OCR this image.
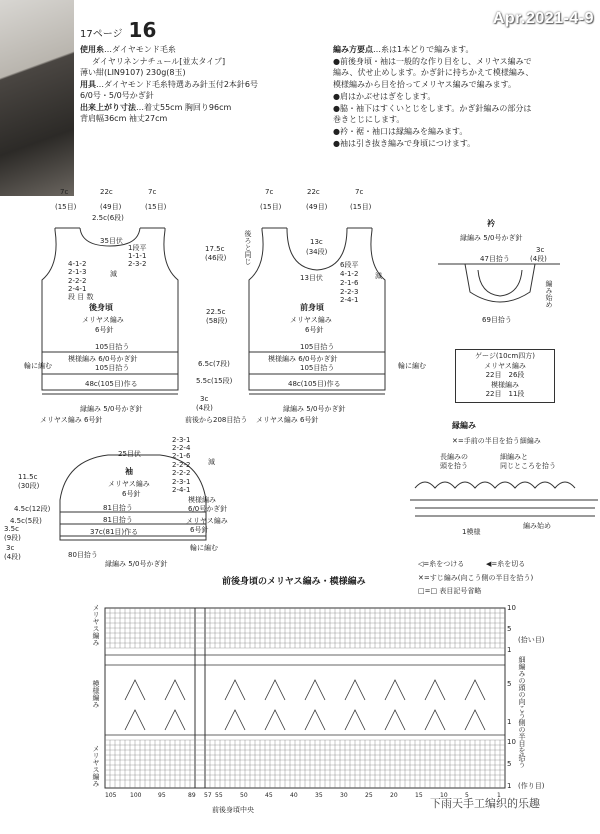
Apr.2021-4-9
17ページ 16
使用糸…ダイヤモンド毛糸
ダイヤリネンナチュール[並太タイプ]
薄い紺(LIN9107) 230g(8玉)
用具…ダイヤモンド毛糸特選あみ針玉付2本針6号
6/0号・5/0号かぎ針
出来上がり寸法…着丈55cm 胸回り96cm
背肩幅36cm 袖丈27cm
編み方要点…糸は1本どりで編みます。
●前後身頃・袖は一般的な作り目をし、メリヤス編みで
編み、伏せ止めします。かぎ針に持ちかえて模様編み、
模様編みから目を拾ってメリヤス編みで編みます。
●肩はかぶせはぎをします。
●脇・袖下はすくいとじをします。かぎ針編みの部分は
巻きとじにします。
●衿・裾・袖口は縁編みを編みます。
●袖は引き抜き編みで身頃につけます。
後身頃
メリヤス編み
6号針
7c	22c	7c
(15目)	(49目)	(15目)
2.5c(6段)
35目伏
1段平
1-1-1
2-3-2
4-1-2
2-1-3
2-2-2
2-4-1
段 目 数
減
17.5c
(46段)
22.5c
(58段)
105目拾う
模様編み 6/0号かぎ針
105目拾う	6.5c(7段)
5.5c(15段)
3c
(4段)
48c(105目)作る
縁編み 5/0号かぎ針
メリヤス編み 6号針
輪に編む
前後から208目拾う
前身頃
メリヤス編み
6号針
7c	22c	7c
(15目)	(49目)	(15目)
後ろと同じ	13c
(34段)
13目伏
6段平
4-1-2
2-1-6
2-2-3
2-4-1
減
105目拾う
模様編み 6/0号かぎ針
105目拾う
48c(105目)作る
縁編み 5/0号かぎ針
メリヤス編み 6号針
輪に編む
衿
縁編み 5/0号かぎ針
3c
(4段)
47目拾う
69目拾う
編み始め
ゲージ(10cm四方)
メリヤス編み
22目　26段
模様編み
22目　11段
縁編み
✕=手前の半目を拾う細編み
長編みの
頭を拾う
細編みと
同じところを拾う
1模様
編み始め
袖
メリヤス編み
6号針
25目伏
2-3-1
2-2-4
2-1-6
2-2-2
2-2-2
2-3-1
2-4-1
減
11.5c
(30段)
4.5c(12段)
4.5c(5段)
3.5c
(9段)
3c
(4段)
81目拾う
81目拾う
37c(81目)作る
80目拾う
模様編み
6/0号かぎ針
メリヤス編み
6号針
輪に編む
縁編み 5/0号かぎ針
前後身頃のメリヤス編み・模様編み
◁=糸をつける	◀=糸を切る
✕=すじ編み(向こう側の半目を拾う)
□=□ 表目記号省略
メリヤス編み
模様編み
メリヤス編み
(拾い目)
細編みの頭の向こう側の半目を拾う
(作り目)
10
5
1
5
1
10
5
1
105 100	95	89 57 55	50	45	40	35	30	25	20	15	10	5	1
前後身頃中央	下雨天手工编织的乐趣
